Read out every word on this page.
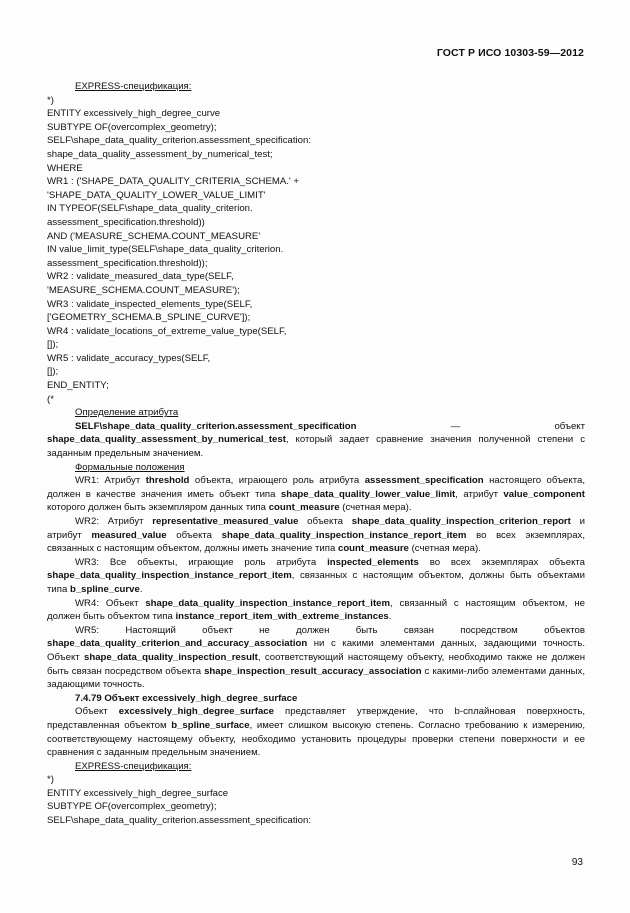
ГОСТ Р ИСО 10303-59—2012

EXPRESS-спецификация:

*)

ENTITY excessively_high_degree_curve

SUBTYPE OF(overcomplex_geometry);

SELF\shape_data_quality_criterion.assessment_specification:

shape_data_quality_assessment_by_numerical_test;

WHERE

WR1 : ('SHAPE_DATA_QUALITY_CRITERIA_SCHEMA.' +

'SHAPE_DATA_QUALITY_LOWER_VALUE_LIMIT'

IN TYPEOF(SELF\shape_data_quality_criterion.

assessment_specification.threshold))

AND ('MEASURE_SCHEMA.COUNT_MEASURE'

IN value_limit_type(SELF\shape_data_quality_criterion.

assessment_specification.threshold));

WR2 : validate_measured_data_type(SELF,

'MEASURE_SCHEMA.COUNT_MEASURE');

WR3 : validate_inspected_elements_type(SELF,

['GEOMETRY_SCHEMA.B_SPLINE_CURVE']);

WR4 : validate_locations_of_extreme_value_type(SELF,

[]);

WR5 : validate_accuracy_types(SELF,

[]);

END_ENTITY;

(*

Определение атрибута

SELF\shape_data_quality_criterion.assessment_specification — объект shape_data_quality_assessment_by_numerical_test, который задает сравнение значения полученной степени с заданным предельным значением.

Формальные положения

WR1: Атрибут threshold объекта, играющего роль атрибута assessment_specification настоящего объекта, должен в качестве значения иметь объект типа shape_data_quality_lower_value_limit, атрибут value_component которого должен быть экземпляром данных типа count_measure (счетная мера).

WR2: Атрибут representative_measured_value объекта shape_data_quality_inspection_criterion_report и атрибут measured_value объекта shape_data_quality_inspection_instance_report_item во всех экземплярах, связанных с настоящим объектом, должны иметь значение типа count_measure (счетная мера).

WR3: Все объекты, играющие роль атрибута inspected_elements во всех экземплярах объекта shape_data_quality_inspection_instance_report_item, связанных с настоящим объектом, должны быть объектами типа b_spline_curve.

WR4: Объект shape_data_quality_inspection_instance_report_item, связанный с настоящим объектом, не должен быть объектом типа instance_report_item_with_extreme_instances.

WR5: Настоящий объект не должен быть связан посредством объектов shape_data_quality_criterion_and_accuracy_association ни с какими элементами данных, задающими точность. Объект shape_data_quality_inspection_result, соответствующий настоящему объекту, необходимо также не должен быть связан посредством объекта shape_inspection_result_accuracy_association с какими-либо элементами данных, задающими точность.

7.4.79 Объект excessively_high_degree_surface

Объект excessively_high_degree_surface представляет утверждение, что b-сплайновая поверхность, представленная объектом b_spline_surface, имеет слишком высокую степень. Согласно требованию к измерению, соответствующему настоящему объекту, необходимо установить процедуры проверки степени поверхности и ее сравнения с заданным предельным значением.

EXPRESS-спецификация:

*)

ENTITY excessively_high_degree_surface

SUBTYPE OF(overcomplex_geometry);

SELF\shape_data_quality_criterion.assessment_specification:

93
